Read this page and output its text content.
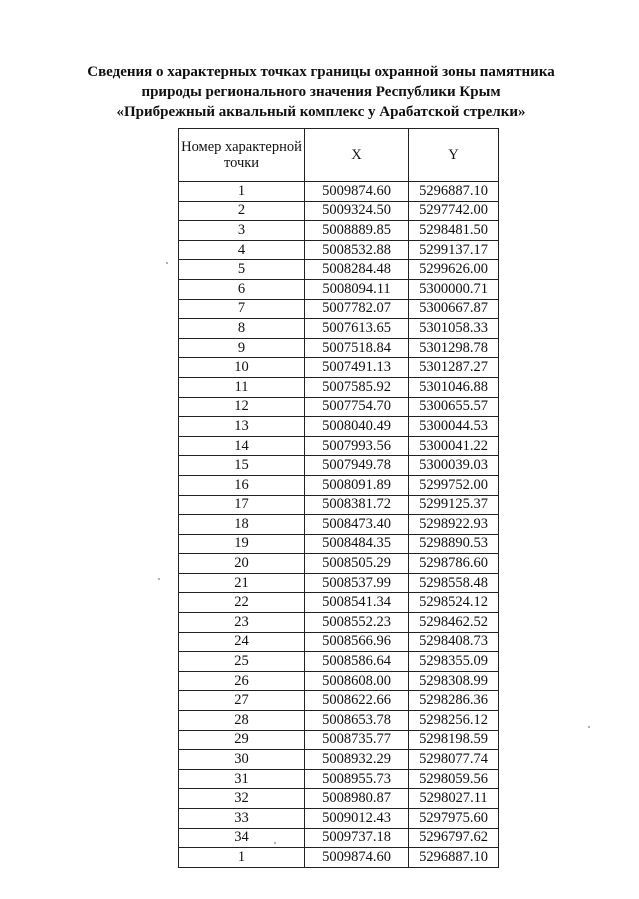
Сведения о характерных точках границы охранной зоны памятника
природы регионального значения Республики Крым
«Прибрежный аквальный комплекс у Арабатской стрелки»
Номер характерной точки	X	Y
1	5009874.60	5296887.10
2	5009324.50	5297742.00
3	5008889.85	5298481.50
4	5008532.88	5299137.17
5	5008284.48	5299626.00
6	5008094.11	5300000.71
7	5007782.07	5300667.87
8	5007613.65	5301058.33
9	5007518.84	5301298.78
10	5007491.13	5301287.27
11	5007585.92	5301046.88
12	5007754.70	5300655.57
13	5008040.49	5300044.53
14	5007993.56	5300041.22
15	5007949.78	5300039.03
16	5008091.89	5299752.00
17	5008381.72	5299125.37
18	5008473.40	5298922.93
19	5008484.35	5298890.53
20	5008505.29	5298786.60
21	5008537.99	5298558.48
22	5008541.34	5298524.12
23	5008552.23	5298462.52
24	5008566.96	5298408.73
25	5008586.64	5298355.09
26	5008608.00	5298308.99
27	5008622.66	5298286.36
28	5008653.78	5298256.12
29	5008735.77	5298198.59
30	5008932.29	5298077.74
31	5008955.73	5298059.56
32	5008980.87	5298027.11
33	5009012.43	5297975.60
34	5009737.18	5296797.62
1	5009874.60	5296887.10
